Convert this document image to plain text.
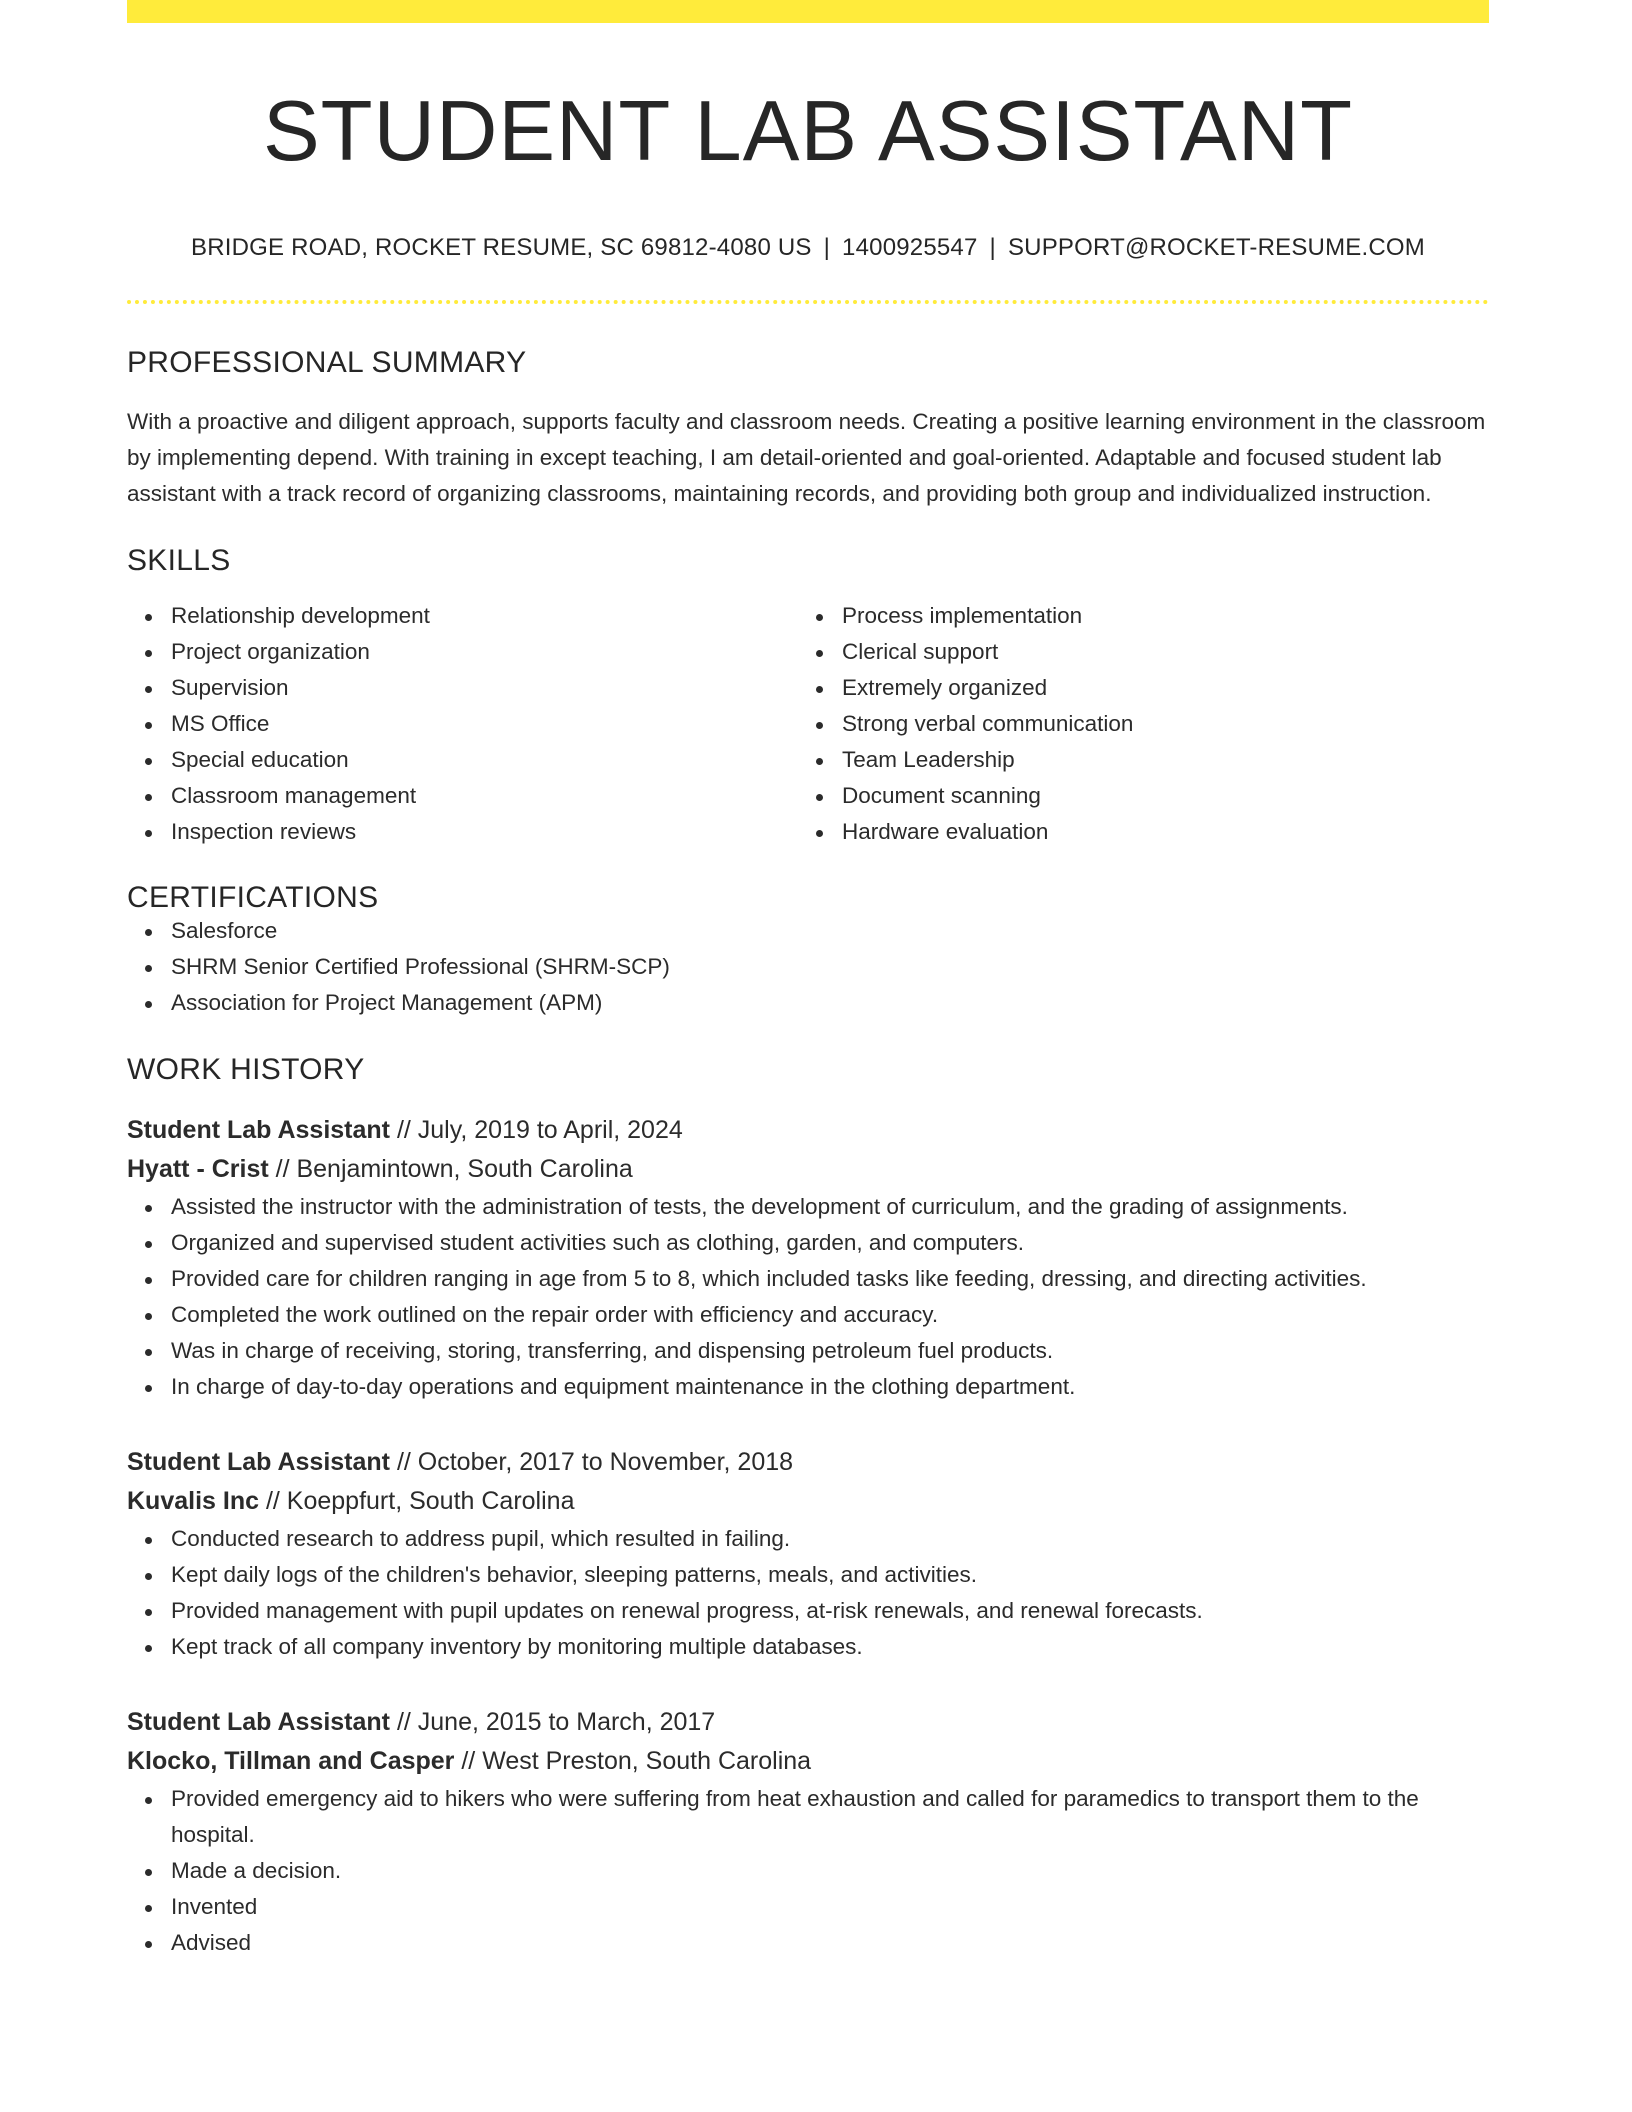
STUDENT LAB ASSISTANT
BRIDGE ROAD, ROCKET RESUME, SC 69812-4080 US | 1400925547 | SUPPORT@ROCKET-RESUME.COM
PROFESSIONAL SUMMARY
With a proactive and diligent approach, supports faculty and classroom needs. Creating a positive learning environment in the classroom by implementing depend. With training in except teaching, I am detail-oriented and goal-oriented. Adaptable and focused student lab assistant with a track record of organizing classrooms, maintaining records, and providing both group and individualized instruction.
SKILLS
Relationship development
Project organization
Supervision
MS Office
Special education
Classroom management
Inspection reviews
Process implementation
Clerical support
Extremely organized
Strong verbal communication
Team Leadership
Document scanning
Hardware evaluation
CERTIFICATIONS
Salesforce
SHRM Senior Certified Professional (SHRM-SCP)
Association for Project Management (APM)
WORK HISTORY
Student Lab Assistant // July, 2019 to April, 2024
Hyatt - Crist // Benjamintown, South Carolina
Assisted the instructor with the administration of tests, the development of curriculum, and the grading of assignments.
Organized and supervised student activities such as clothing, garden, and computers.
Provided care for children ranging in age from 5 to 8, which included tasks like feeding, dressing, and directing activities.
Completed the work outlined on the repair order with efficiency and accuracy.
Was in charge of receiving, storing, transferring, and dispensing petroleum fuel products.
In charge of day-to-day operations and equipment maintenance in the clothing department.
Student Lab Assistant // October, 2017 to November, 2018
Kuvalis Inc // Koeppfurt, South Carolina
Conducted research to address pupil, which resulted in failing.
Kept daily logs of the children's behavior, sleeping patterns, meals, and activities.
Provided management with pupil updates on renewal progress, at-risk renewals, and renewal forecasts.
Kept track of all company inventory by monitoring multiple databases.
Student Lab Assistant // June, 2015 to March, 2017
Klocko, Tillman and Casper // West Preston, South Carolina
Provided emergency aid to hikers who were suffering from heat exhaustion and called for paramedics to transport them to the hospital.
Made a decision.
Invented
Advised
